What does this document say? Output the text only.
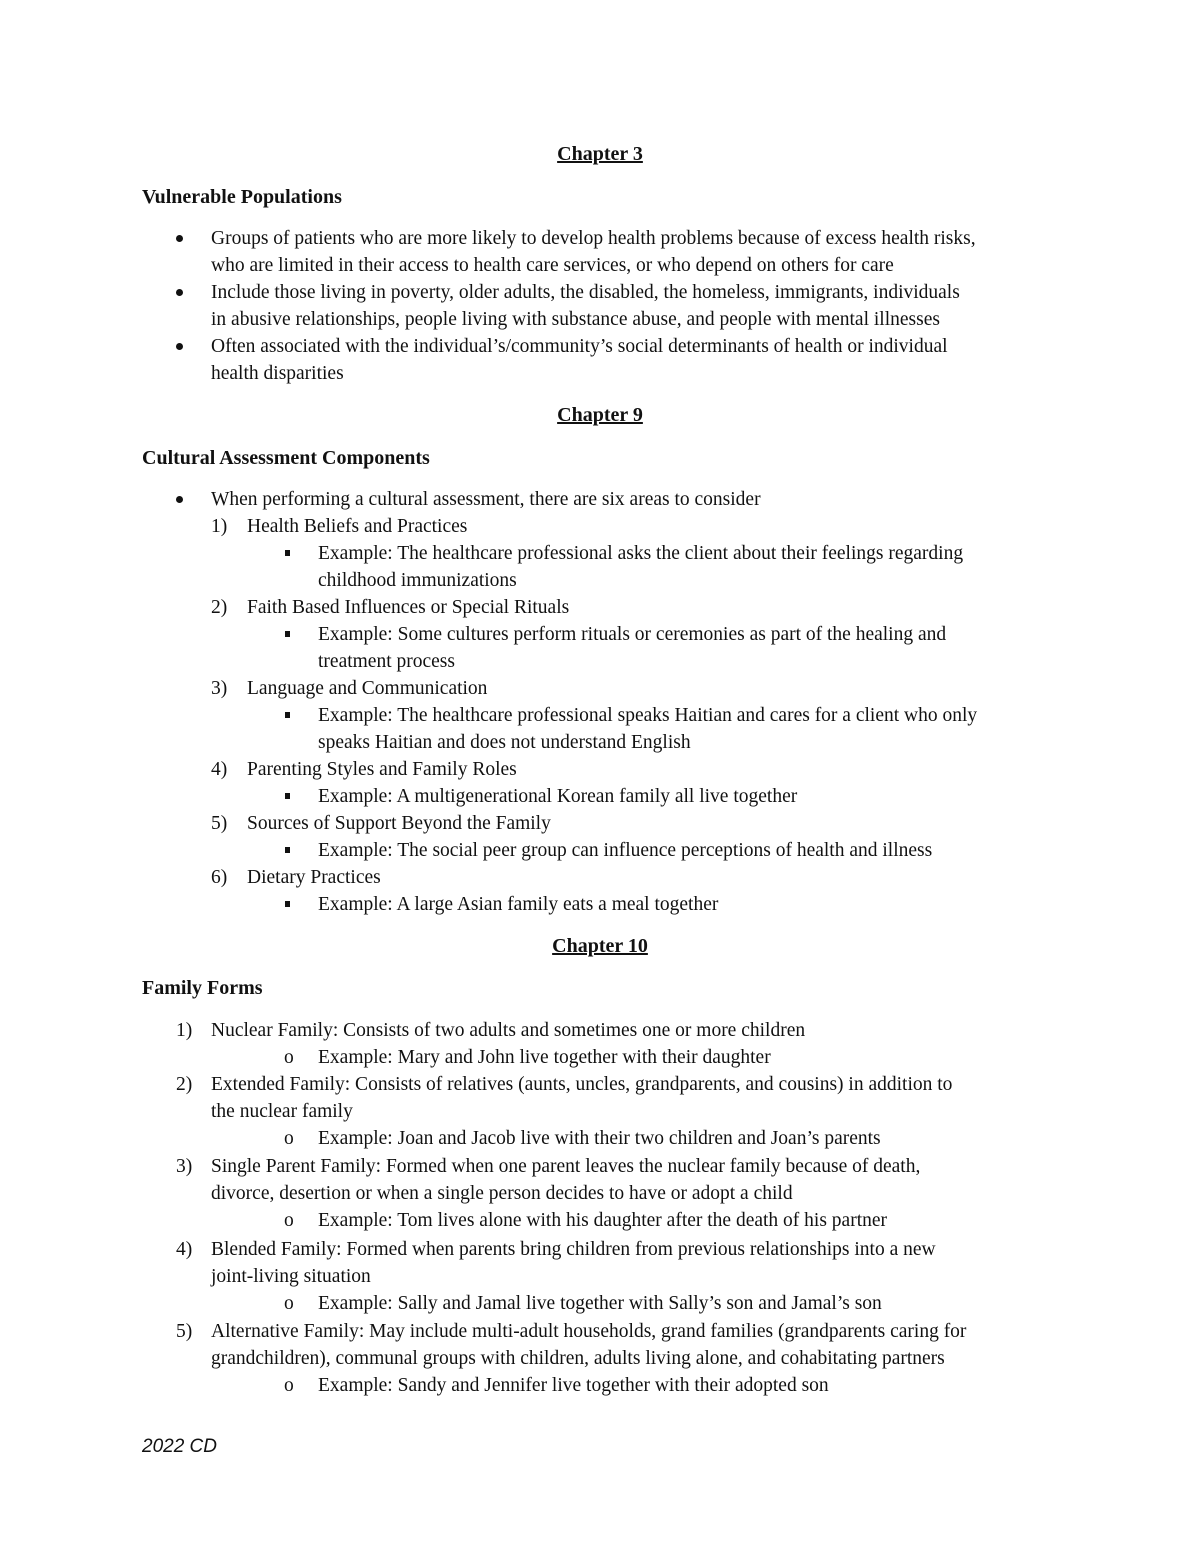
Chapter 3
Vulnerable Populations
Groups of patients who are more likely to develop health problems because of excess health risks,
who are limited in their access to health care services, or who depend on others for care
Include those living in poverty, older adults, the disabled, the homeless, immigrants, individuals
in abusive relationships, people living with substance abuse, and people with mental illnesses
Often associated with the individual’s/community’s social determinants of health or individual
health disparities
Chapter 9
Cultural Assessment Components
When performing a cultural assessment, there are six areas to consider
1) Health Beliefs and Practices
Example: The healthcare professional asks the client about their feelings regarding
childhood immunizations
2) Faith Based Influences or Special Rituals
Example: Some cultures perform rituals or ceremonies as part of the healing and
treatment process
3) Language and Communication
Example: The healthcare professional speaks Haitian and cares for a client who only
speaks Haitian and does not understand English
4) Parenting Styles and Family Roles
Example: A multigenerational Korean family all live together
5) Sources of Support Beyond the Family
Example: The social peer group can influence perceptions of health and illness
6) Dietary Practices
Example: A large Asian family eats a meal together
Chapter 10
Family Forms
1) Nuclear Family: Consists of two adults and sometimes one or more children
o Example: Mary and John live together with their daughter
2) Extended Family: Consists of relatives (aunts, uncles, grandparents, and cousins) in addition to
the nuclear family
o Example: Joan and Jacob live with their two children and Joan’s parents
3) Single Parent Family: Formed when one parent leaves the nuclear family because of death,
divorce, desertion or when a single person decides to have or adopt a child
o Example: Tom lives alone with his daughter after the death of his partner
4) Blended Family: Formed when parents bring children from previous relationships into a new
joint-living situation
o Example: Sally and Jamal live together with Sally’s son and Jamal’s son
5) Alternative Family: May include multi-adult households, grand families (grandparents caring for
grandchildren), communal groups with children, adults living alone, and cohabitating partners
o Example: Sandy and Jennifer live together with their adopted son
2022 CD
